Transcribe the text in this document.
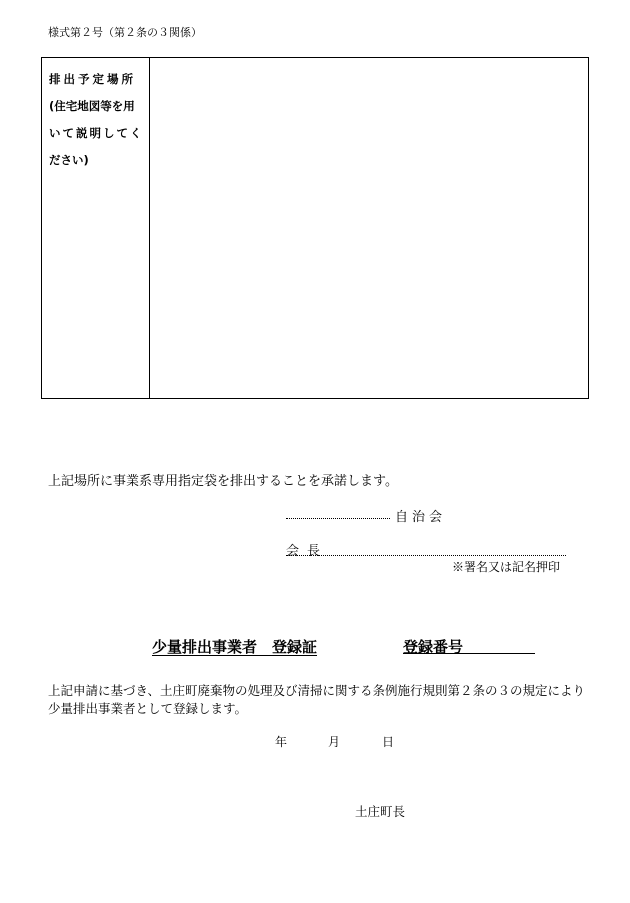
様式第２号（第２条の３関係）
排出予定場所
(住宅地図等を用
いて説明してく
ださい)
上記場所に事業系専用指定袋を排出することを承諾します。
自治会
会長
※署名又は記名押印
少量排出事業者　登録証	登録番号
上記申請に基づき、土庄町廃棄物の処理及び清掃に関する条例施行規則第２条の３の規定により少量排出事業者として登録します。
年	月	日
土庄町長
